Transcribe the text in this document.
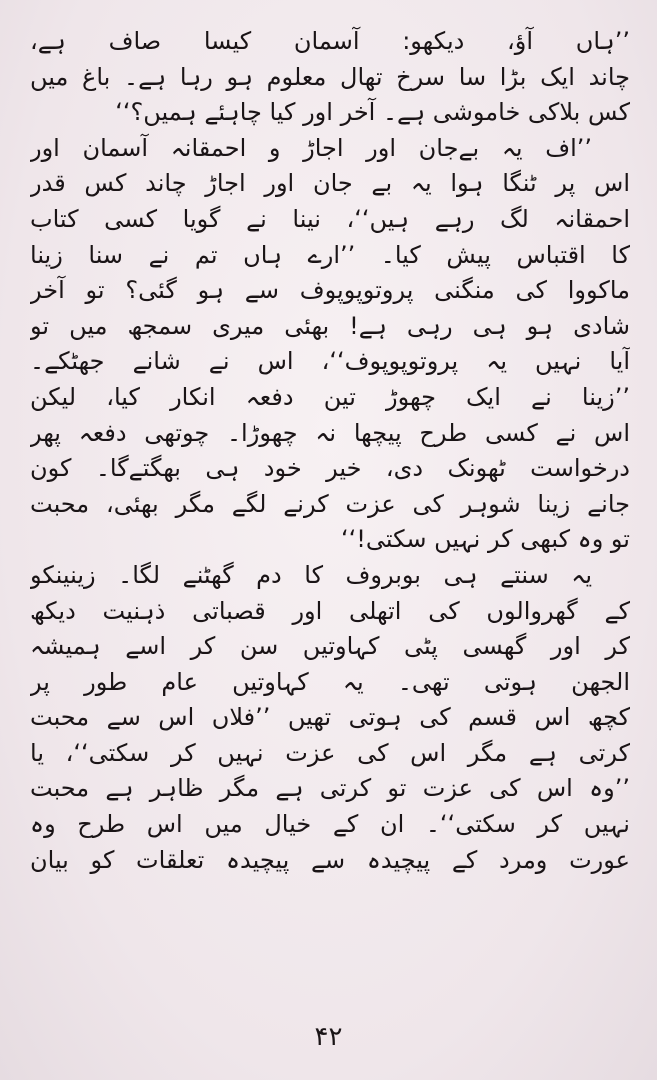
’’ہاں آؤ، دیکھو: آسمان کیسا صاف ہے،
چاند ایک بڑا سا سرخ تھال معلوم ہو رہا ہے۔ باغ میں
کس بلاکی خاموشی ہے۔ آخر اور کیا چاہئے ہمیں؟‘‘
’’اف یہ بےجان اور اجاڑ و احمقانہ آسمان اور
اس پر ٹنگا ہوا یہ بے جان اور اجاڑ چاند کس قدر
احمقانہ لگ رہے ہیں‘‘، نینا نے گویا کسی کتاب
کا اقتباس پیش کیا۔ ’’ارے ہاں تم نے سنا زینا
ماکووا کی منگنی پروتوپوپوف سے ہو گئی؟ تو آخر
شادی ہو ہی رہی ہے! بھئی میری سمجھ میں تو
آیا نہیں یہ پروتوپوپوف‘‘، اس نے شانے جھٹکے۔
’’زینا نے ایک چھوڑ تین دفعہ انکار کیا، لیکن
اس نے کسی طرح پیچھا نہ چھوڑا۔ چوتھی دفعہ پھر
درخواست ٹھونک دی، خیر خود ہی بھگتےگا۔ کون
جانے زینا شوہر کی عزت کرنے لگے مگر بھئی، محبت
تو وہ کبھی کر نہیں سکتی!‘‘
یہ سنتے ہی بوبروف کا دم گھٹنے لگا۔ زینینکو
کے گھروالوں کی اتھلی اور قصباتی ذہنیت دیکھ
کر اور گھسی پٹی کہاوتیں سن کر اسے ہمیشہ
الجھن ہوتی تھی۔ یہ کہاوتیں عام طور پر
کچھ اس قسم کی ہوتی تھیں ’’فلاں اس سے محبت
کرتی ہے مگر اس کی عزت نہیں کر سکتی‘‘، یا
’’وہ اس کی عزت تو کرتی ہے مگر ظاہر ہے محبت
نہیں کر سکتی‘‘۔ ان کے خیال میں اس طرح وہ
عورت ومرد کے پیچیدہ سے پیچیدہ تعلقات کو بیان
۴۲
